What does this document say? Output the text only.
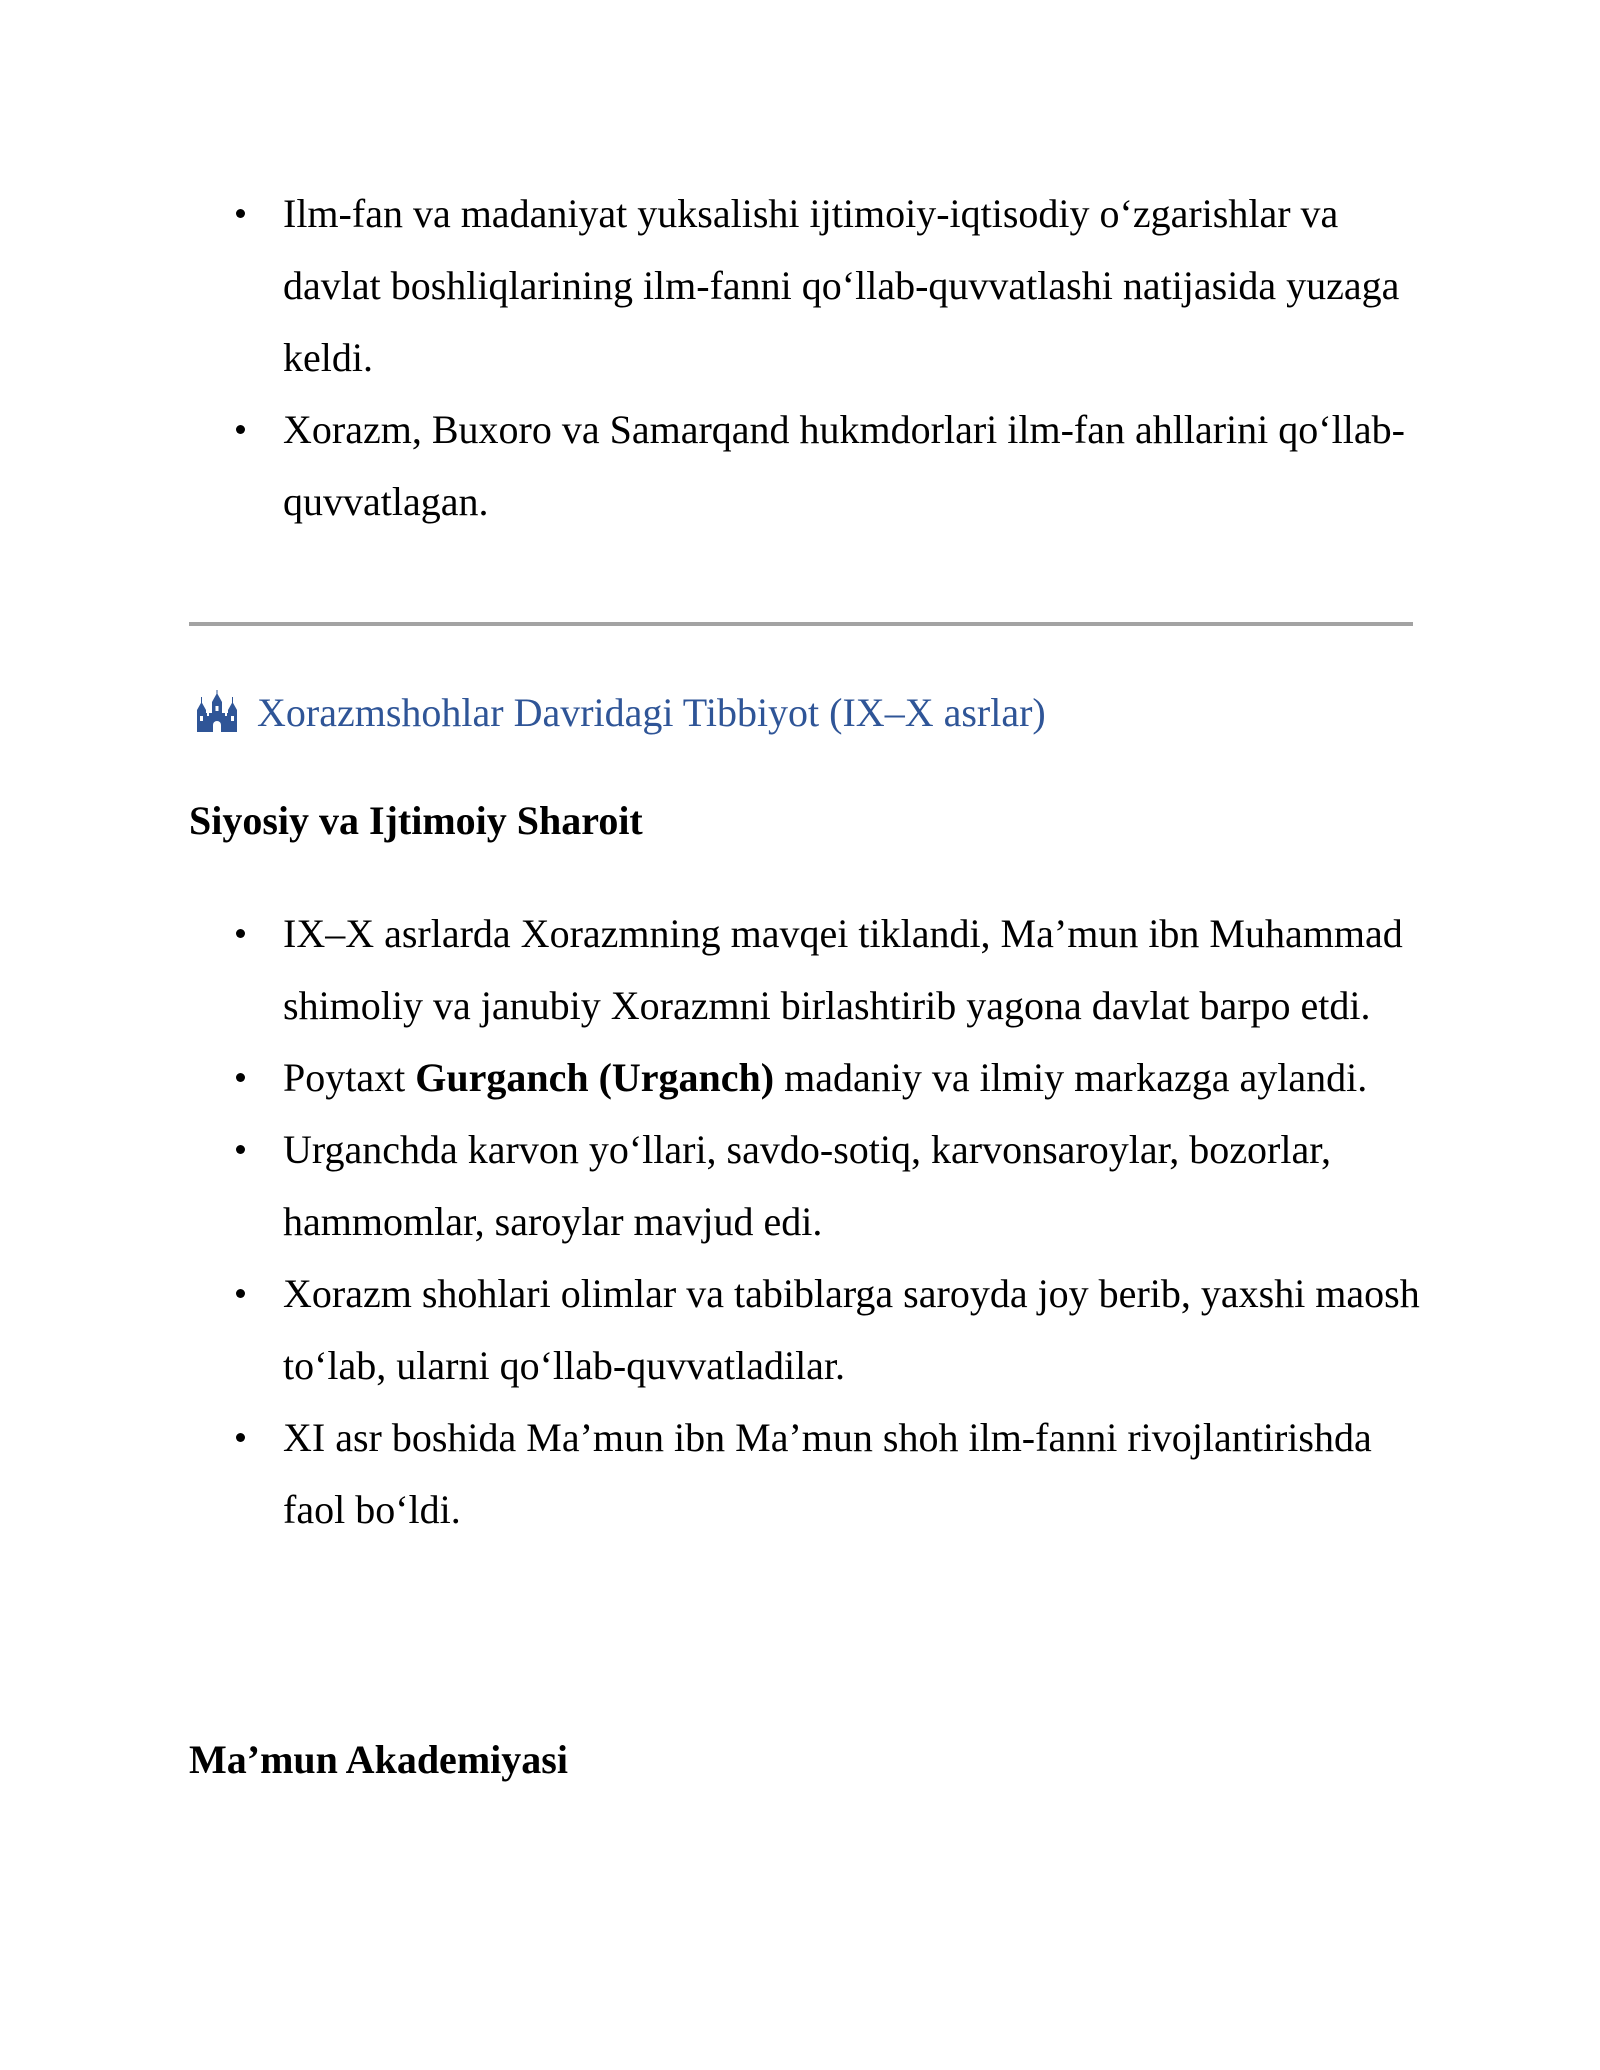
Ilm-fan va madaniyat yuksalishi ijtimoiy-iqtisodiy o‘zgarishlar va davlat boshliqlarining ilm-fanni qo‘llab-quvvatlashi natijasida yuzaga keldi.
Xorazm, Buxoro va Samarqand hukmdorlari ilm-fan ahllarini qo‘llab-quvvatlagan.
Xorazmshohlar Davridagi Tibbiyot (IX–X asrlar)
Siyosiy va Ijtimoiy Sharoit
IX–X asrlarda Xorazmning mavqei tiklandi, Ma’mun ibn Muhammad shimoliy va janubiy Xorazmni birlashtirib yagona davlat barpo etdi.
Poytaxt Gurganch (Urganch) madaniy va ilmiy markazga aylandi.
Urganchda karvon yo‘llari, savdo-sotiq, karvonsaroylar, bozorlar, hammomlar, saroylar mavjud edi.
Xorazm shohlari olimlar va tabiblarga saroyda joy berib, yaxshi maosh to‘lab, ularni qo‘llab-quvvatladilar.
XI asr boshida Ma’mun ibn Ma’mun shoh ilm-fanni rivojlantirishda faol bo‘ldi.
Ma’mun Akademiyasi
